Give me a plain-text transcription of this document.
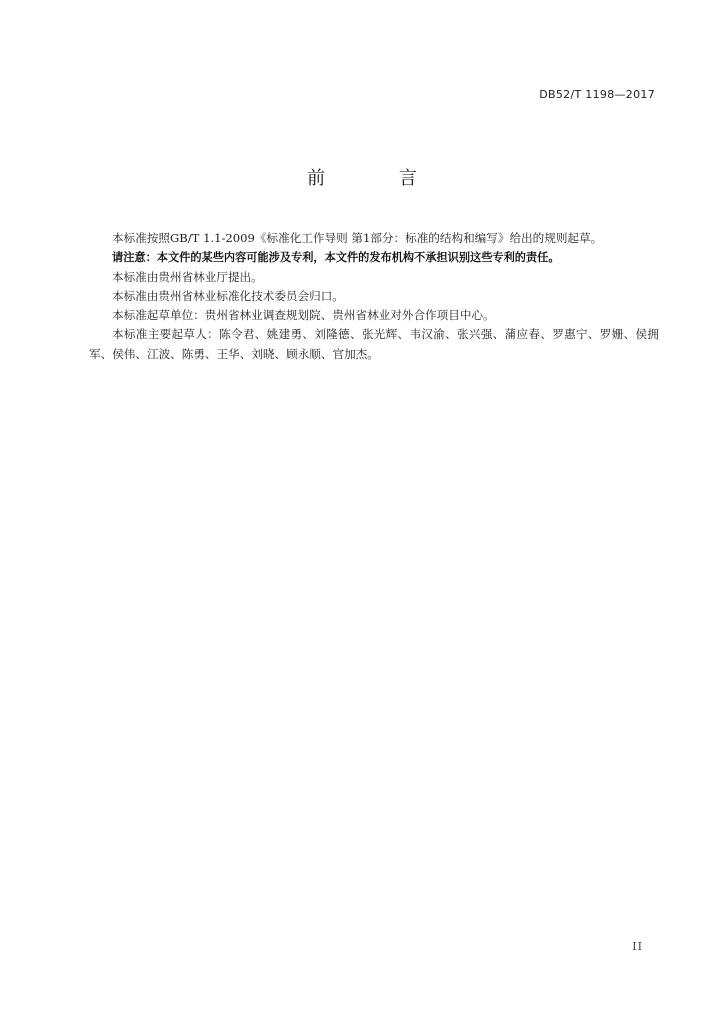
DB52/T 1198—2017
前 言

本标准按照GB/T 1.1-2009《标准化工作导则 第1部分：标准的结构和编写》给出的规则起草。

请注意：本文件的某些内容可能涉及专利，本文件的发布机构不承担识别这些专利的责任。

本标准由贵州省林业厅提出。

本标准由贵州省林业标准化技术委员会归口。

本标准起草单位：贵州省林业调查规划院、贵州省林业对外合作项目中心。

本标准主要起草人：陈令君、姚建勇、刘隆德、张光辉、韦汉渝、张兴强、蒲应春、罗惠宁、罗姗、侯拥军、侯伟、江波、陈勇、王华、刘晓、顾永顺、官加杰。

II
